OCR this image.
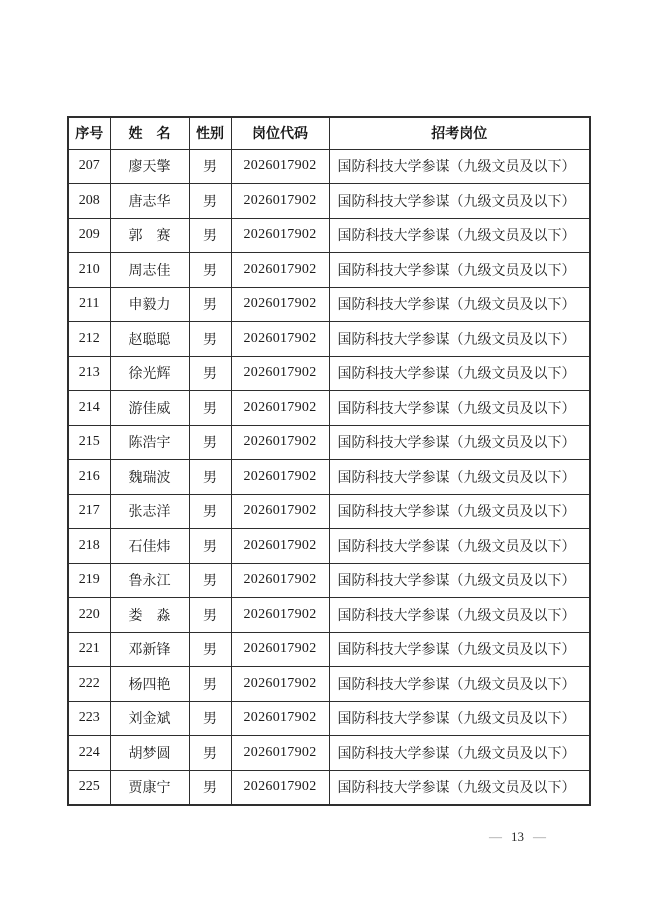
序号	姓　名	性别	岗位代码	招考岗位
207	廖天擎	男	2026017902	国防科技大学参谋（九级文员及以下）
208	唐志华	男	2026017902	国防科技大学参谋（九级文员及以下）
209	郭　赛	男	2026017902	国防科技大学参谋（九级文员及以下）
210	周志佳	男	2026017902	国防科技大学参谋（九级文员及以下）
211	申毅力	男	2026017902	国防科技大学参谋（九级文员及以下）
212	赵聪聪	男	2026017902	国防科技大学参谋（九级文员及以下）
213	徐光辉	男	2026017902	国防科技大学参谋（九级文员及以下）
214	游佳威	男	2026017902	国防科技大学参谋（九级文员及以下）
215	陈浩宇	男	2026017902	国防科技大学参谋（九级文员及以下）
216	魏瑞波	男	2026017902	国防科技大学参谋（九级文员及以下）
217	张志洋	男	2026017902	国防科技大学参谋（九级文员及以下）
218	石佳炜	男	2026017902	国防科技大学参谋（九级文员及以下）
219	鲁永江	男	2026017902	国防科技大学参谋（九级文员及以下）
220	娄　淼	男	2026017902	国防科技大学参谋（九级文员及以下）
221	邓新锋	男	2026017902	国防科技大学参谋（九级文员及以下）
222	杨四艳	男	2026017902	国防科技大学参谋（九级文员及以下）
223	刘金斌	男	2026017902	国防科技大学参谋（九级文员及以下）
224	胡梦圆	男	2026017902	国防科技大学参谋（九级文员及以下）
225	贾康宁	男	2026017902	国防科技大学参谋（九级文员及以下）
— 13 —
